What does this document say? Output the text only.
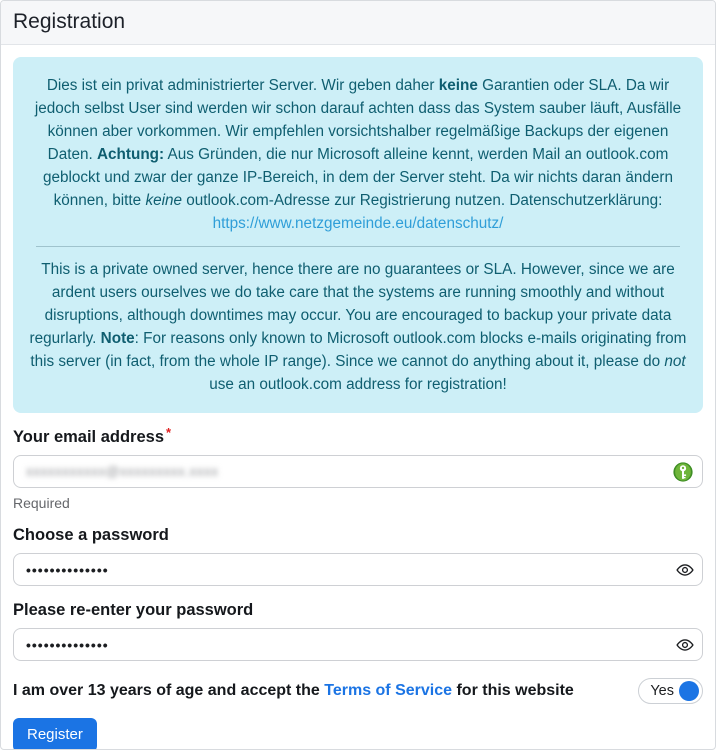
Registration
Dies ist ein privat administrierter Server. Wir geben daher keine Garantien oder SLA. Da wir jedoch selbst User sind werden wir schon darauf achten dass das System sauber läuft, Ausfälle können aber vorkommen. Wir empfehlen vorsichtshalber regelmäßige Backups der eigenen Daten. Achtung: Aus Gründen, die nur Microsoft alleine kennt, werden Mail an outlook.com geblockt und zwar der ganze IP-Bereich, in dem der Server steht. Da wir nichts daran ändern können, bitte keine outlook.com-Adresse zur Registrierung nutzen. Datenschutzerklärung: https://www.netzgemeinde.eu/datenschutz/
This is a private owned server, hence there are no guarantees or SLA. However, since we are ardent users ourselves we do take care that the systems are running smoothly and without disruptions, although downtimes may occur. You are encouraged to backup your private data regurlarly. Note: For reasons only known to Microsoft outlook.com blocks e-mails originating from this server (in fact, from the whole IP range). Since we cannot do anything about it, please do not use an outlook.com address for registration!
Your email address *
xxxxxxxxxxx@xxxxxxxxx.xxxx
Required
Choose a password
••••••••••••••
Please re-enter your password
••••••••••••••
I am over 13 years of age and accept the Terms of Service for this website	Yes
Register
